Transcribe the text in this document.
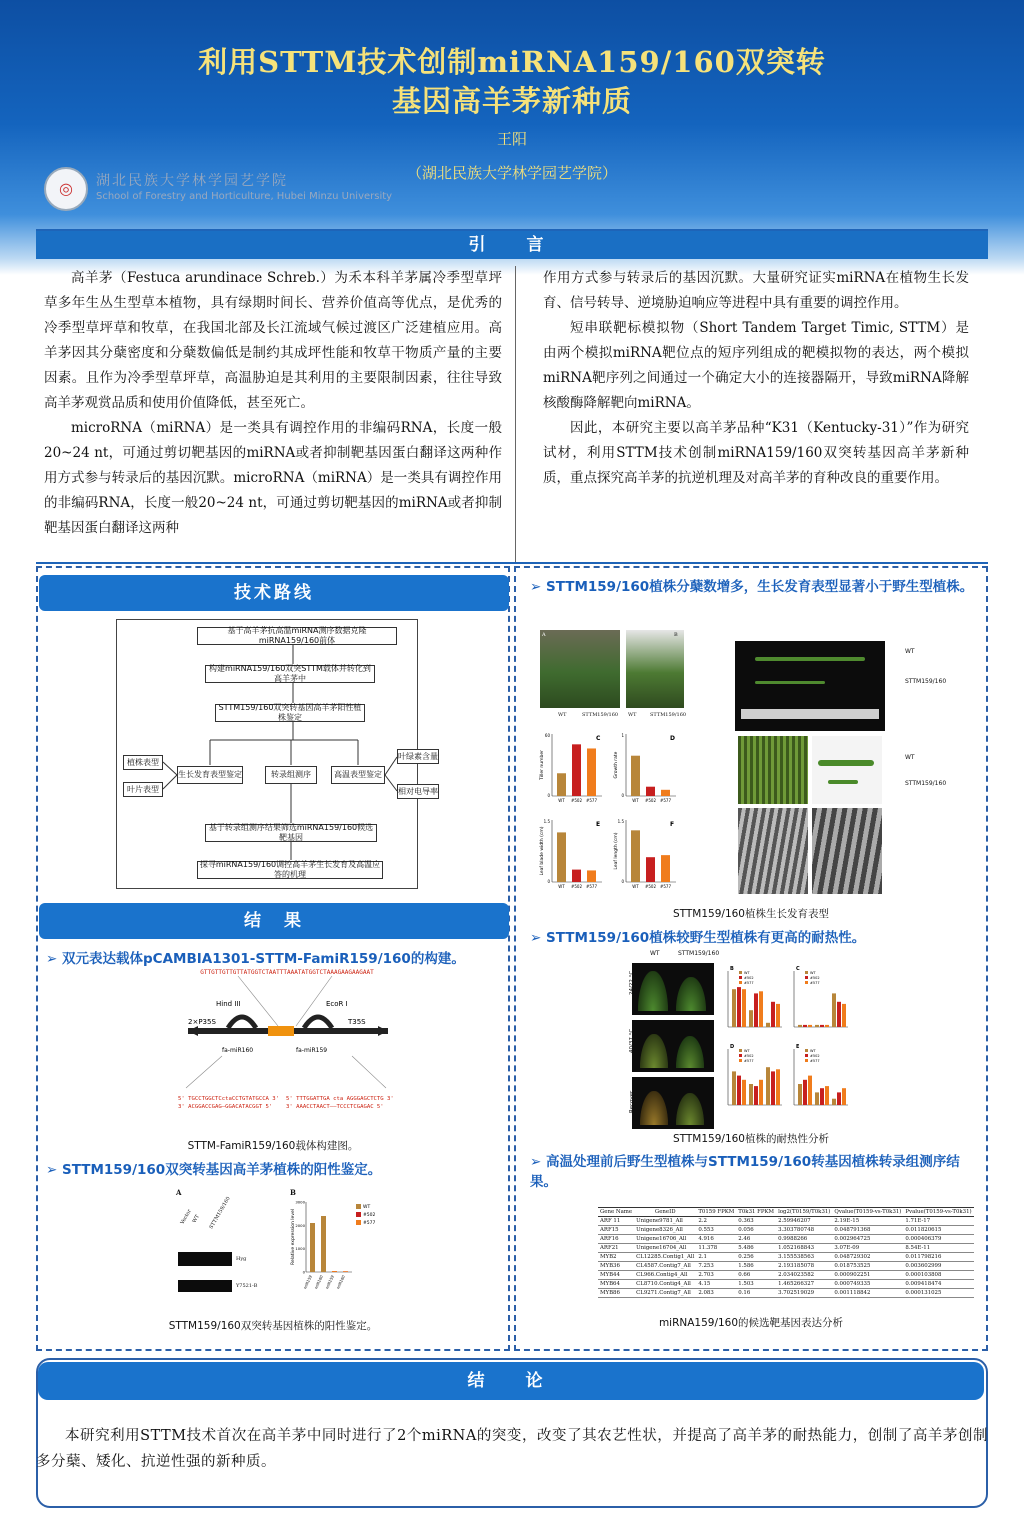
利用STTM技术创制miRNA159/160双突转
基因高羊茅新种质
王阳
（湖北民族大学林学园艺学院）
◎	湖北民族大学林学园艺学院
School of Forestry and Horticulture, Hubei Minzu University
引　言

高羊茅（Festuca arundinace Schreb.）为禾本科羊茅属冷季型草坪草多年生丛生型草本植物，具有绿期时间长、营养价值高等优点，是优秀的冷季型草坪草和牧草，在我国北部及长江流域气候过渡区广泛建植应用。高羊茅因其分蘖密度和分蘖数偏低是制约其成坪性能和牧草干物质产量的主要因素。且作为冷季型草坪草，高温胁迫是其利用的主要限制因素，往往导致高羊茅观赏品质和使用价值降低，甚至死亡。

microRNA（miRNA）是一类具有调控作用的非编码RNA，长度一般20~24 nt，可通过剪切靶基因的miRNA或者抑制靶基因蛋白翻译这两种作用方式参与转录后的基因沉默。microRNA（miRNA）是一类具有调控作用的非编码RNA，长度一般20~24 nt，可通过剪切靶基因的miRNA或者抑制靶基因蛋白翻译这两种

作用方式参与转录后的基因沉默。大量研究证实miRNA在植物生长发育、信号转导、逆境胁迫响应等进程中具有重要的调控作用。

短串联靶标模拟物（Short Tandem Target Timic, STTM）是由两个模拟miRNA靶位点的短序列组成的靶模拟物的表达，两个模拟miRNA靶序列之间通过一个确定大小的连接器隔开，导致miRNA降解核酸酶降解靶向miRNA。

因此，本研究主要以高羊茅品种“K31（Kentucky-31）”作为研究试材，利用STTM技术创制miRNA159/160双突转基因高羊茅新种质，重点探究高羊茅的抗逆机理及对高羊茅的育种改良的重要作用。

技术路线
基于高羊茅抗高温miRNA测序数据克隆miRNA159/160前体
构建miRNA159/160双突STTM载体并转化到高羊茅中
STTM159/160双突转基因高羊茅阳性植株鉴定
植株表型
叶片表型
生长发育表型鉴定	转录组测序	高温表型鉴定
叶绿素含量
相对电导率
基于转录组测序结果筛选miRNA159/160候选靶基因
探寻miRNA159/160调控高羊茅生长发育及高温应答的机理
结　果
➢ 双元表达载体pCAMBIA1301-STTM-FamiR159/160的构建。
GTTGTTGTTGTTATGGTCTAATTTAAATATGGTCTAAAGAAGAAGAAT
Hind III	EcoR I
2×P35S	T35S
fa-miR160	fa-miR159
5' TGCCTGGCTCctaCCTGTATGCCA 3'
3' ACGGACCGAG—GGACATACGGT 5'
5' TTTGGATTGA cta AGGGAGCTCTG 3'
3' AAACCTAACT——TCCCTCGAGAC 5'
STTM-FamiR159/160载体构建图。
➢ STTM159/160双突转基因高羊茅植株的阳性鉴定。
A	B
Vector
WT STTM159/160
Hyg
Y7521-B
Relative expression level
0
1000
2000
3000
miR159 miR160 miR159 miR160
WT
#502
#577
STTM159/160双突转基因植株的阳性鉴定。
➢ STTM159/160植株分蘖数增多，生长发育表型显著小于野生型植株。
A	B
WT	STTM159/160 WT	STTM159/160
C
Tiller number
60
0
WT #502 #577
D
Growth rate
1
0
WT #502 #577
E
Leaf blade width (cm)
1.5
0
WT #502 #577
F
Leaf length (cm)
1.5
0
WT #502 #577
WT
STTM159/160
WT
STTM159/160
STTM159/160植株生长发育表型
➢ STTM159/160植株较野生型植株有更高的耐热性。
WT	STTM159/160
24/22 °C
40/37 °C
Recover
B
WT
#502
#577
C
WT
#502
#577
D
WT
#502
#577
E
WT
#502
#577
STTM159/160植株的耐热性分析
➢ 高温处理前后野生型植株与STTM159/160转基因植株转录组测序结果。
Gene Name	GeneID	T0159 FPKM	T0k31 FPKM	log2(T0159/T0k31)	Qvalue(T0159-vs-T0k31)	Pvalue(T0159-vs-T0k31)
ARF 11	Unigene9781_All	2.2	0.363	2.59946207	2.19E-15	1.71E-17
ARF15	Unigene8326_All	0.553	0.056	3.303780748	0.048791368	0.011820615
ARF16	Unigene16706_All	4.916	2.46	0.9988266	0.002964725	0.000406379
ARF21	Unigene16704_All	11.378	5.486	1.052168843	3.07E-09	8.54E-11
MYB2	CL12285.Contig1_All	2.1	0.256	3.155538563	0.048729302	0.011798216
MYB36	CL4587.Contig7_All	7.253	1.586	2.193185078	0.018753525	0.003602999
MYB44	CL966.Contig4_All	2.703	0.66	2.034023582	0.000902251	0.000103808
MYB64	CL8710.Contig4_All	4.15	1.503	1.465266327	0.000749335	0.009418474
MYB86	CL9271.Contig7_All	2.083	0.16	3.702519029	0.001118842	0.000131025
miRNA159/160的候选靶基因表达分析
结　论
本研究利用STTM技术首次在高羊茅中同时进行了2个miRNA的突变，改变了其农艺性状，并提高了高羊茅的耐热能力，创制了高羊茅创制多分蘖、矮化、抗逆性强的新种质。
